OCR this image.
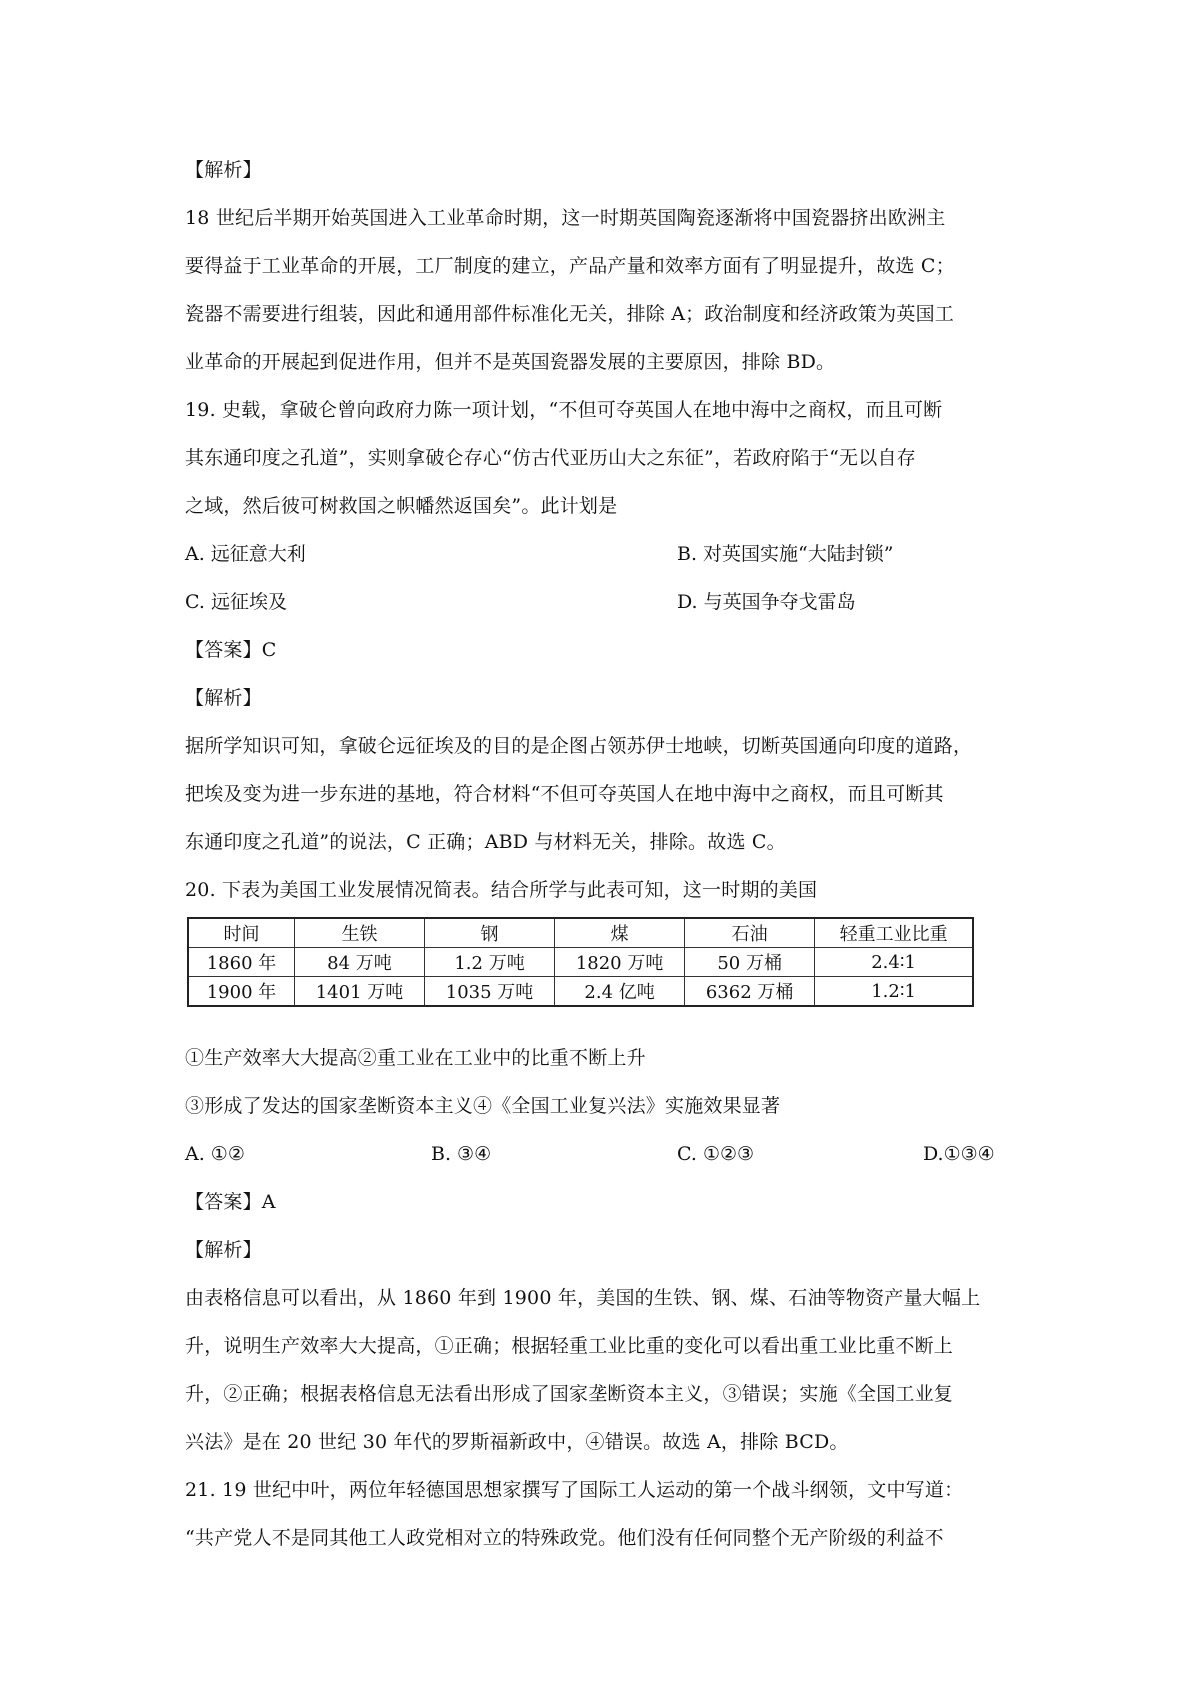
【解析】
18 世纪后半期开始英国进入工业革命时期，这一时期英国陶瓷逐渐将中国瓷器挤出欧洲主
要得益于工业革命的开展，工厂制度的建立，产品产量和效率方面有了明显提升，故选 C；
瓷器不需要进行组装，因此和通用部件标准化无关，排除 A；政治制度和经济政策为英国工
业革命的开展起到促进作用，但并不是英国瓷器发展的主要原因，排除 BD。
19. 史载，拿破仑曾向政府力陈一项计划，“不但可夺英国人在地中海中之商权，而且可断
其东通印度之孔道”，实则拿破仑存心“仿古代亚历山大之东征”，若政府陷于“无以自存
之域，然后彼可树救国之帜幡然返国矣”。此计划是
A. 远征意大利	B. 对英国实施“大陆封锁”
C. 远征埃及	D. 与英国争夺戈雷岛
【答案】C
【解析】
据所学知识可知，拿破仑远征埃及的目的是企图占领苏伊士地峡，切断英国通向印度的道路，
把埃及变为进一步东进的基地，符合材料“不但可夺英国人在地中海中之商权，而且可断其
东通印度之孔道”的说法，C 正确；ABD 与材料无关，排除。故选 C。
20. 下表为美国工业发展情况简表。结合所学与此表可知，这一时期的美国
时间	生铁	钢	煤	石油	轻重工业比重
1860 年	84 万吨	1.2 万吨	1820 万吨	50 万桶	2.4∶1
1900 年	1401 万吨	1035 万吨	2.4 亿吨	6362 万桶	1.2∶1
①生产效率大大提高②重工业在工业中的比重不断上升
③形成了发达的国家垄断资本主义④《全国工业复兴法》实施效果显著
A. ①②	B. ③④	C. ①②③	D.①③④
【答案】A
【解析】
由表格信息可以看出，从 1860 年到 1900 年，美国的生铁、钢、煤、石油等物资产量大幅上
升，说明生产效率大大提高，①正确；根据轻重工业比重的变化可以看出重工业比重不断上
升，②正确；根据表格信息无法看出形成了国家垄断资本主义，③错误；实施《全国工业复
兴法》是在 20 世纪 30 年代的罗斯福新政中，④错误。故选 A，排除 BCD。
21. 19 世纪中叶，两位年轻德国思想家撰写了国际工人运动的第一个战斗纲领，文中写道：
“共产党人不是同其他工人政党相对立的特殊政党。他们没有任何同整个无产阶级的利益不
